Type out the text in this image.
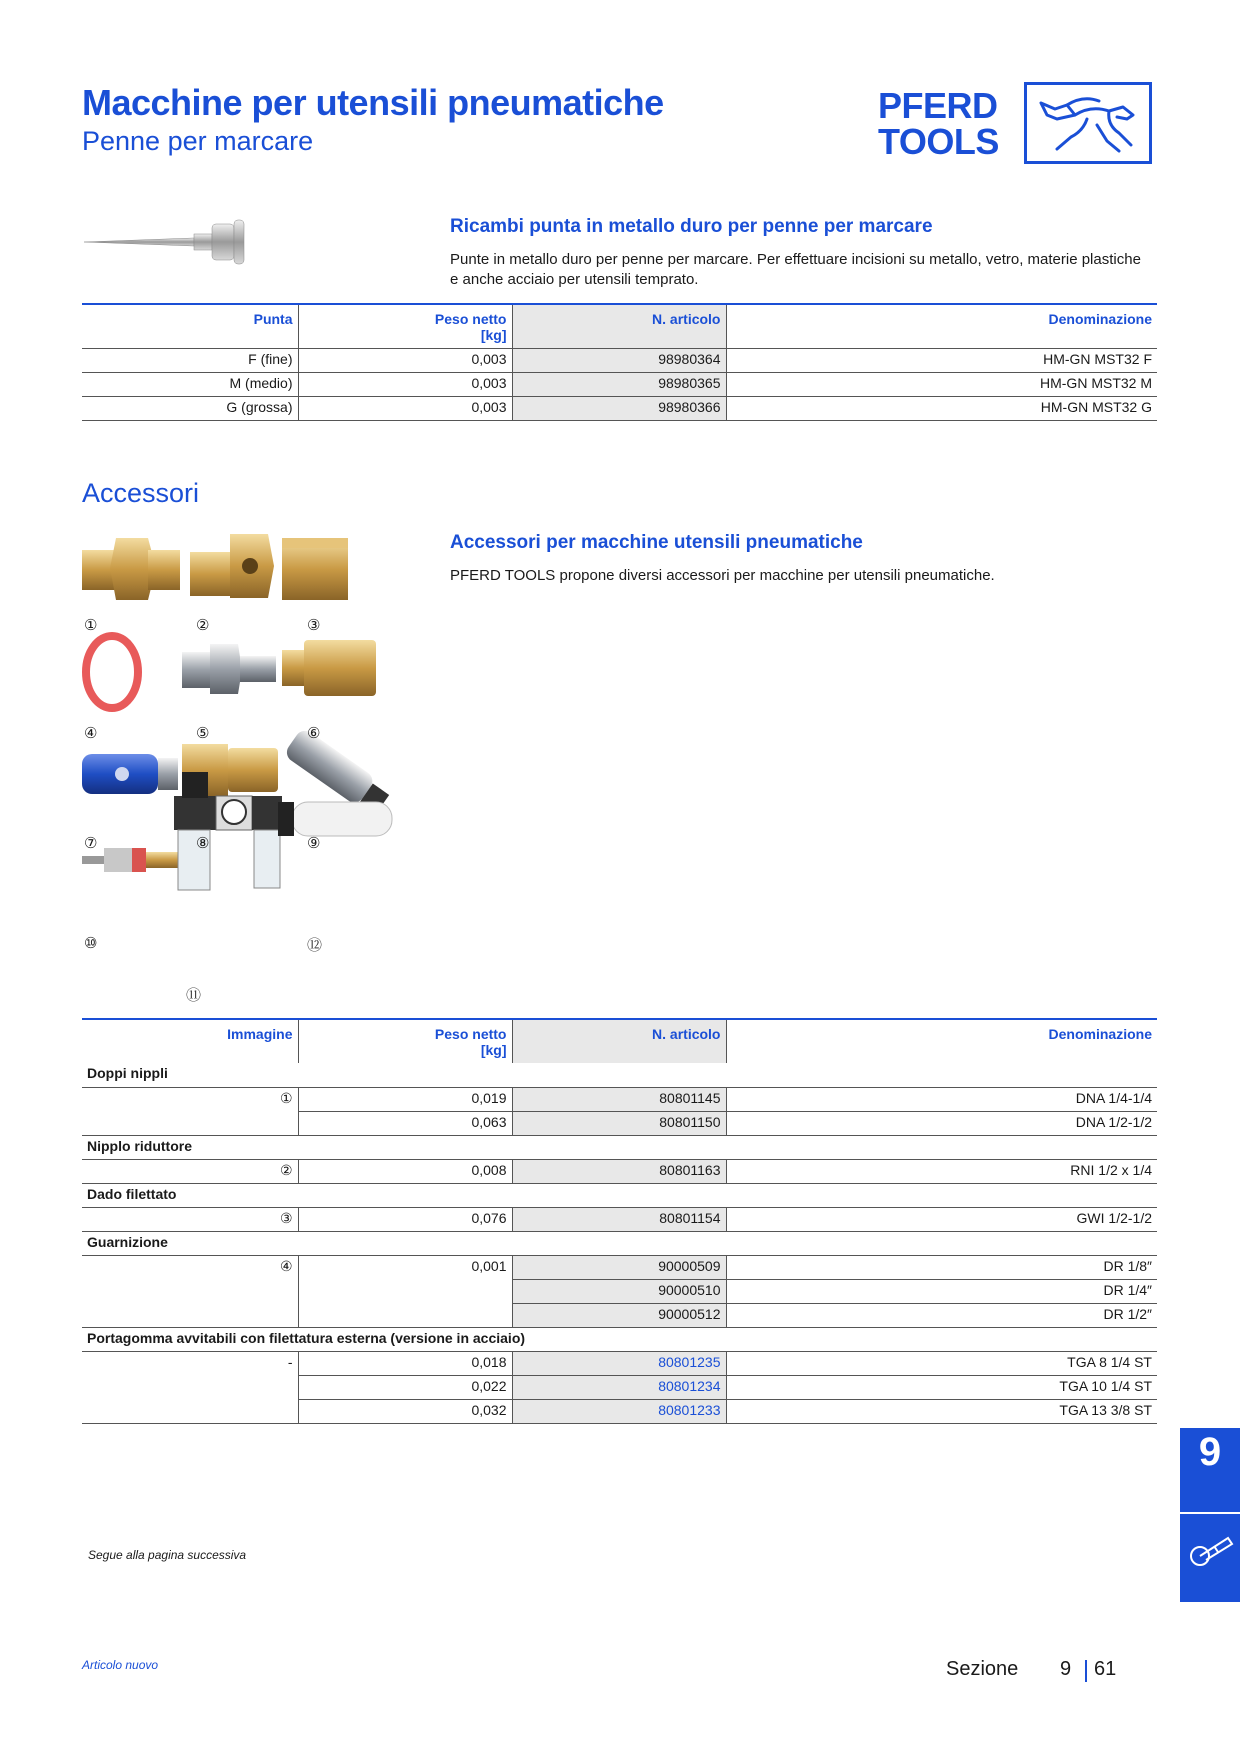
Macchine per utensili pneumatiche
Penne per marcare
PFERD
TOOLS
Ricambi punta in metallo duro per penne per marcare
Punte in metallo duro per penne per marcare. Per effettuare incisioni su metallo, vetro, materie plastiche e anche acciaio per utensili temprato.
Punta	Peso netto [kg]	N. articolo	Denominazione
F (fine)	0,003	98980364	HM-GN MST32 F
M (medio)	0,003	98980365	HM-GN MST32 M
G (grossa)	0,003	98980366	HM-GN MST32 G
Accessori
Accessori per macchine utensili pneumatiche
PFERD TOOLS propone diversi accessori per macchine per utensili pneumatiche.
①	②	③
④	⑤	⑥
⑦	⑧	⑨
⑩
⑪
⑫
Immagine	Peso netto [kg]	N. articolo	Denominazione
Doppi nippli			
①	0,019	80801145	DNA 1/4-1/4
	0,063	80801150	DNA 1/2-1/2
Nipplo riduttore			
②	0,008	80801163	RNI 1/2 x 1/4
Dado filettato			
③	0,076	80801154	GWI 1/2-1/2
Guarnizione			
④	0,001	90000509	DR 1/8″
		90000510	DR 1/4″
		90000512	DR 1/2″
Portagomma avvitabili con filettatura esterna (versione in acciaio)			
-	0,018	80801235	TGA 8 1/4 ST
	0,022	80801234	TGA 10 1/4 ST
	0,032	80801233	TGA 13 3/8 ST
Segue alla pagina successiva
9
Articolo nuovo	Sezione 9 61
